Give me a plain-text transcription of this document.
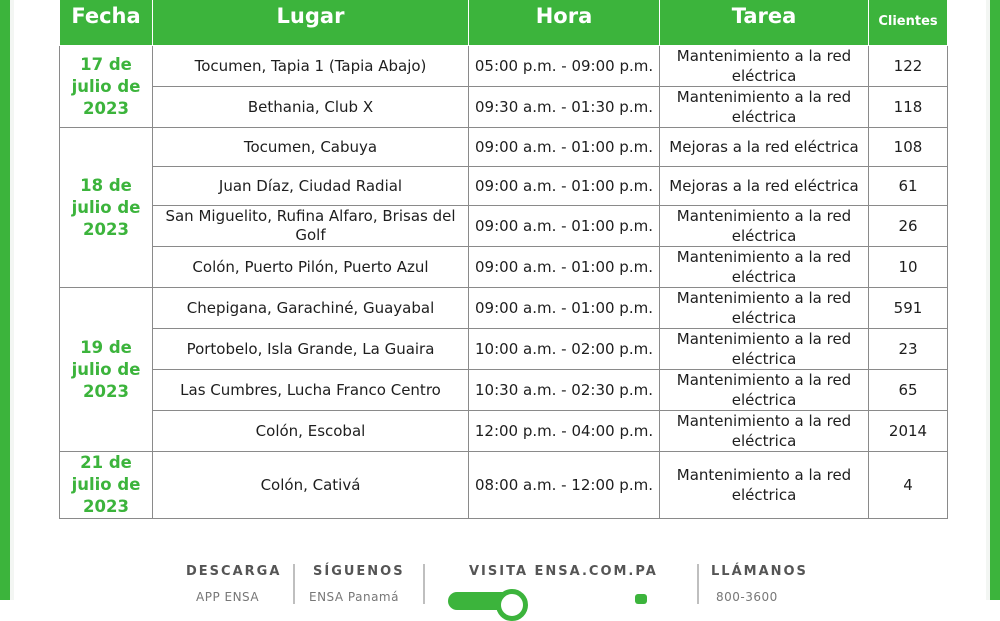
Fecha	Lugar	Hora	Tarea	Clientes
17 de julio de 2023	Tocumen, Tapia 1 (Tapia Abajo)	05:00 p.m. - 09:00 p.m.	Mantenimiento a la red eléctrica	122
	Bethania, Club X	09:30 a.m. - 01:30 p.m.	Mantenimiento a la red eléctrica	118
18 de julio de 2023	Tocumen, Cabuya	09:00 a.m. - 01:00 p.m.	Mejoras a la red eléctrica	108
	Juan Díaz, Ciudad Radial	09:00 a.m. - 01:00 p.m.	Mejoras a la red eléctrica	61
	San Miguelito, Rufina Alfaro, Brisas del Golf	09:00 a.m. - 01:00 p.m.	Mantenimiento a la red eléctrica	26
	Colón, Puerto Pilón, Puerto Azul	09:00 a.m. - 01:00 p.m.	Mantenimiento a la red eléctrica	10
19 de julio de 2023	Chepigana, Garachiné, Guayabal	09:00 a.m. - 01:00 p.m.	Mantenimiento a la red eléctrica	591
	Portobelo, Isla Grande, La Guaira	10:00 a.m. - 02:00 p.m.	Mantenimiento a la red eléctrica	23
	Las Cumbres, Lucha Franco Centro	10:30 a.m. - 02:30 p.m.	Mantenimiento a la red eléctrica	65
	Colón, Escobal	12:00 p.m. - 04:00 p.m.	Mantenimiento a la red eléctrica	2014
21 de julio de 2023	Colón, Cativá	08:00 a.m. - 12:00 p.m.	Mantenimiento a la red eléctrica	4
DESCARGA
APP ENSA
SÍGUENOS
ENSA Panamá
VISITA ENSA.COM.PA	LLÁMANOS
800-3600
